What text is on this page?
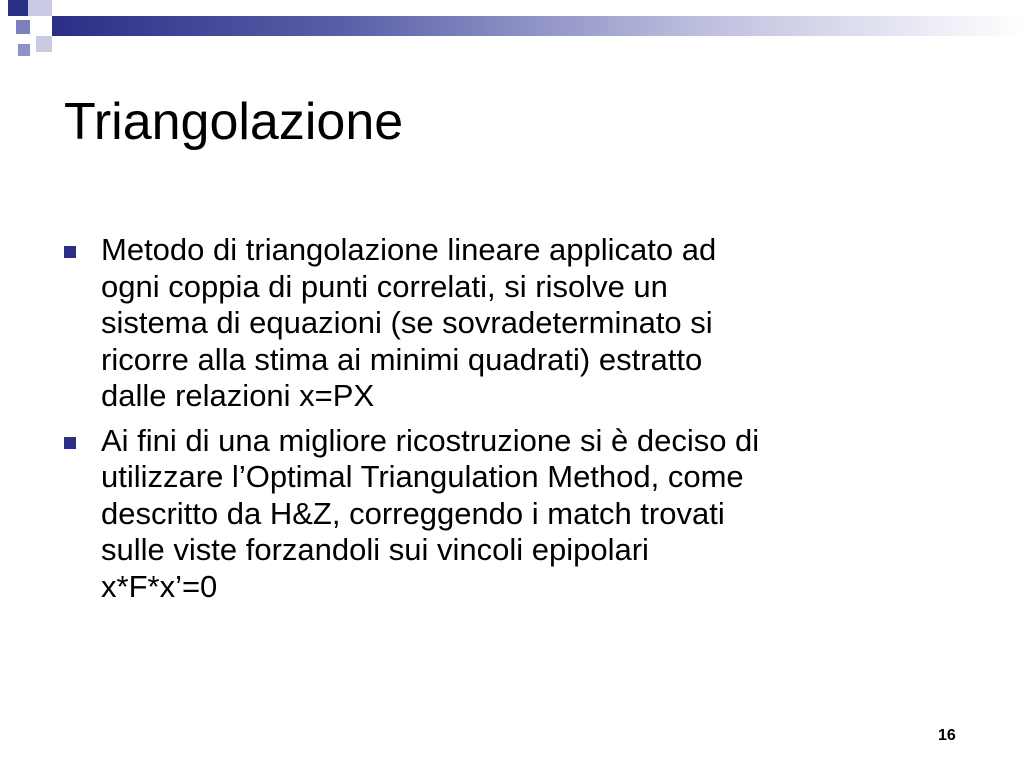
Triangolazione
Metodo di triangolazione lineare applicato ad
ogni coppia di punti correlati, si risolve un
sistema di equazioni (se sovradeterminato si
ricorre alla stima ai minimi quadrati) estratto
dalle relazioni x=PX
Ai fini di una migliore ricostruzione si è deciso di
utilizzare l’Optimal Triangulation Method, come
descritto da H&Z, correggendo i match trovati
sulle viste forzandoli sui vincoli epipolari
x*F*x’=0
16
